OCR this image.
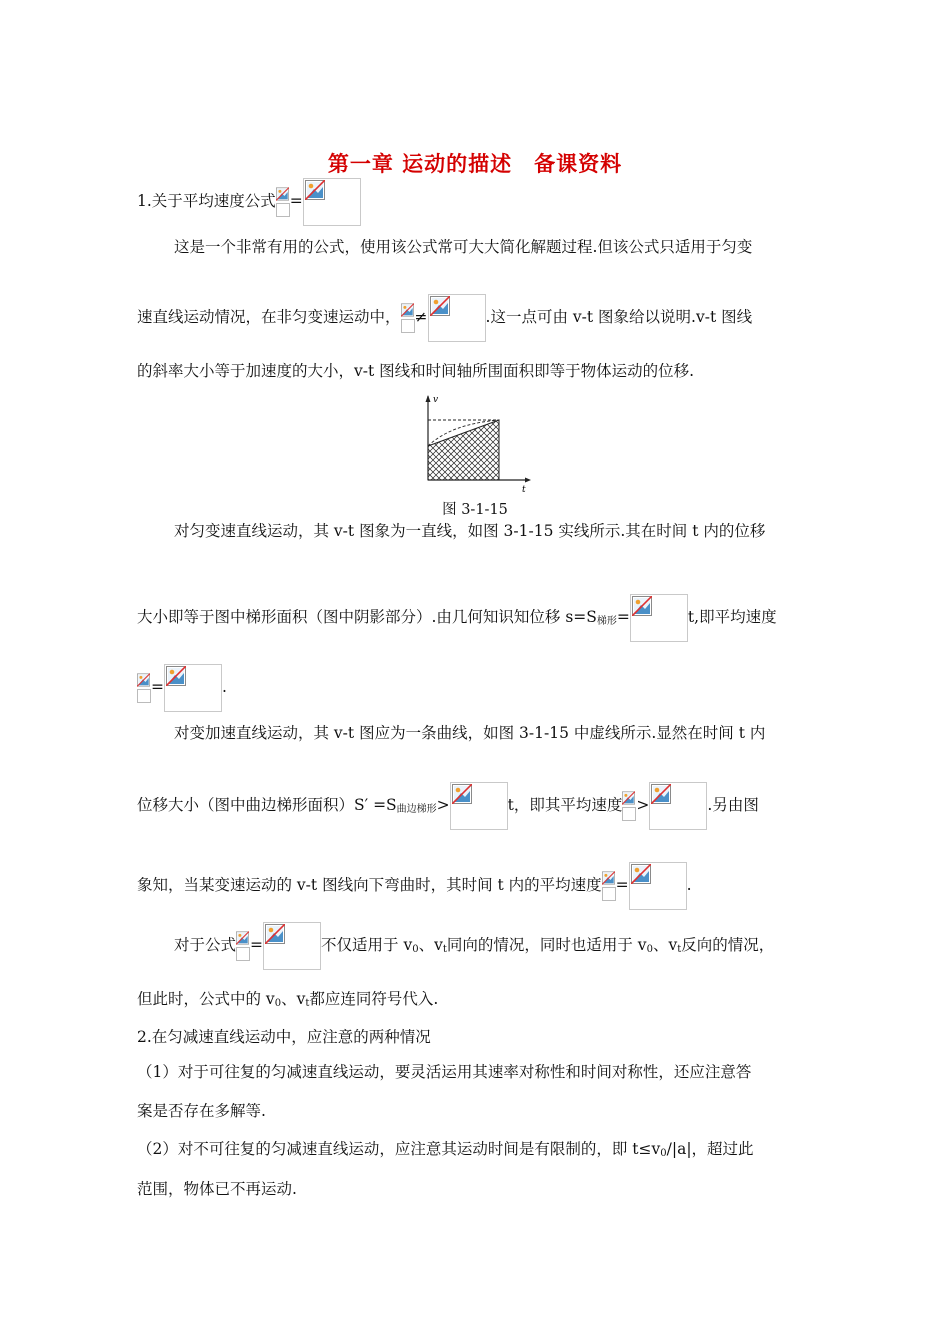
第一章 运动的描述　备课资料
1.关于平均速度公式 =
这是一个非常有用的公式，使用该公式常可大大简化解题过程.但该公式只适用于匀变
速直线运动情况，在非匀变速运动中， ≠	.这一点可由 v-t 图象给以说明.v-t 图线
的斜率大小等于加速度的大小，v-t 图线和时间轴所围面积即等于物体运动的位移.
v
t
图 3-1-15
对匀变速直线运动，其 v-t 图象为一直线，如图 3-1-15 实线所示.其在时间 t 内的位移
大小即等于图中梯形面积（图中阴影部分）.由几何知识知位移 s=S梯形=	t,即平均速度
=	.
对变加速直线运动，其 v-t 图应为一条曲线，如图 3-1-15 中虚线所示.显然在时间 t 内
位移大小（图中曲边梯形面积）S′ =S曲边梯形>	t，即其平均速度 >	.另由图
象知，当某变速运动的 v-t 图线向下弯曲时，其时间 t 内的平均速度 =	.
对于公式 =	不仅适用于 v0、vt同向的情况，同时也适用于 v0、vt反向的情况，
但此时，公式中的 v0、vt都应连同符号代入.
2.在匀减速直线运动中，应注意的两种情况
（1）对于可往复的匀减速直线运动，要灵活运用其速率对称性和时间对称性，还应注意答
案是否存在多解等.
（2）对不可往复的匀减速直线运动，应注意其运动时间是有限制的，即 t≤v0/|a|，超过此
范围，物体已不再运动.
